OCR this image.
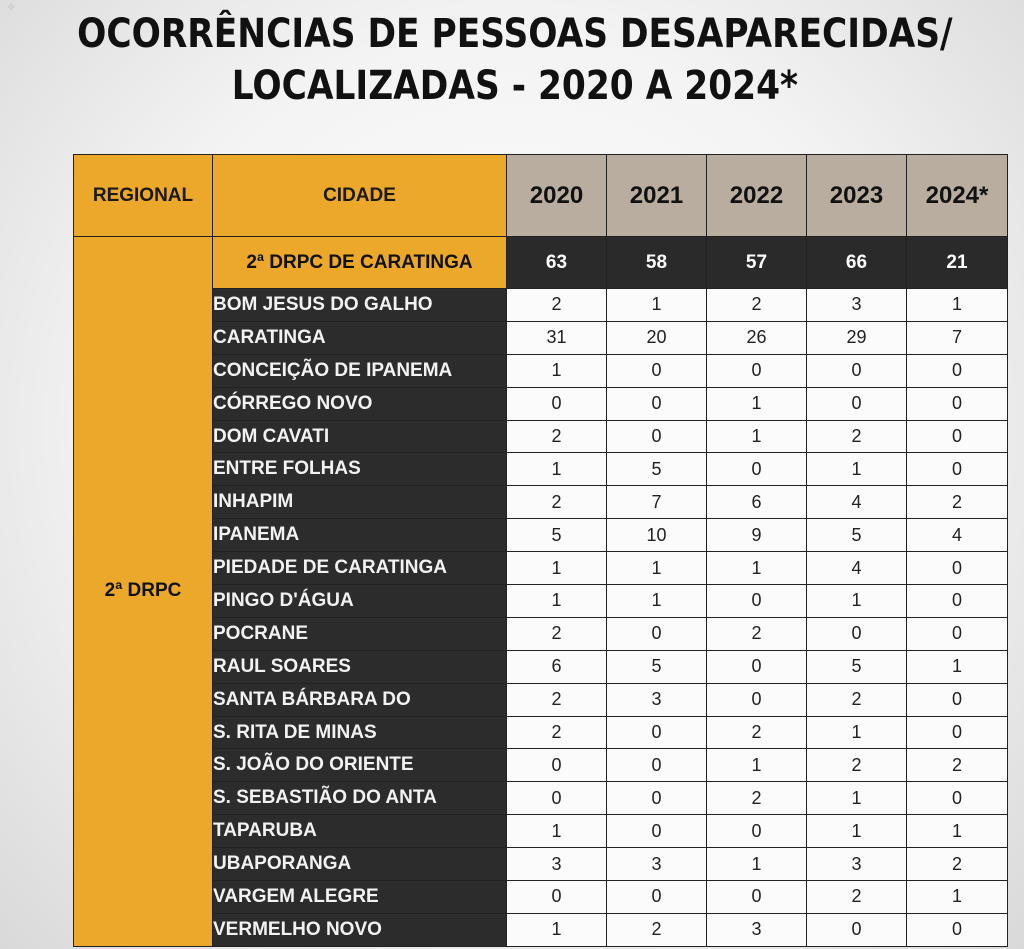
✧
OCORRÊNCIAS DE PESSOAS DESAPARECIDAS/
LOCALIZADAS - 2020 A 2024*
REGIONAL	CIDADE	2020	2021	2022	2023	2024*
2ª DRPC	2ª DRPC DE CARATINGA	63	58	57	66	21
	BOM JESUS DO GALHO	2	1	2	3	1
	CARATINGA	31	20	26	29	7
	CONCEIÇÃO DE IPANEMA	1	0	0	0	0
	CÓRREGO NOVO	0	0	1	0	0
	DOM CAVATI	2	0	1	2	0
	ENTRE FOLHAS	1	5	0	1	0
	INHAPIM	2	7	6	4	2
	IPANEMA	5	10	9	5	4
	PIEDADE DE CARATINGA	1	1	1	4	0
	PINGO D'ÁGUA	1	1	0	1	0
	POCRANE	2	0	2	0	0
	RAUL SOARES	6	5	0	5	1
	SANTA BÁRBARA DO	2	3	0	2	0
	S. RITA DE MINAS	2	0	2	1	0
	S. JOÃO DO ORIENTE	0	0	1	2	2
	S. SEBASTIÃO DO ANTA	0	0	2	1	0
	TAPARUBA	1	0	0	1	1
	UBAPORANGA	3	3	1	3	2
	VARGEM ALEGRE	0	0	0	2	1
	VERMELHO NOVO	1	2	3	0	0
